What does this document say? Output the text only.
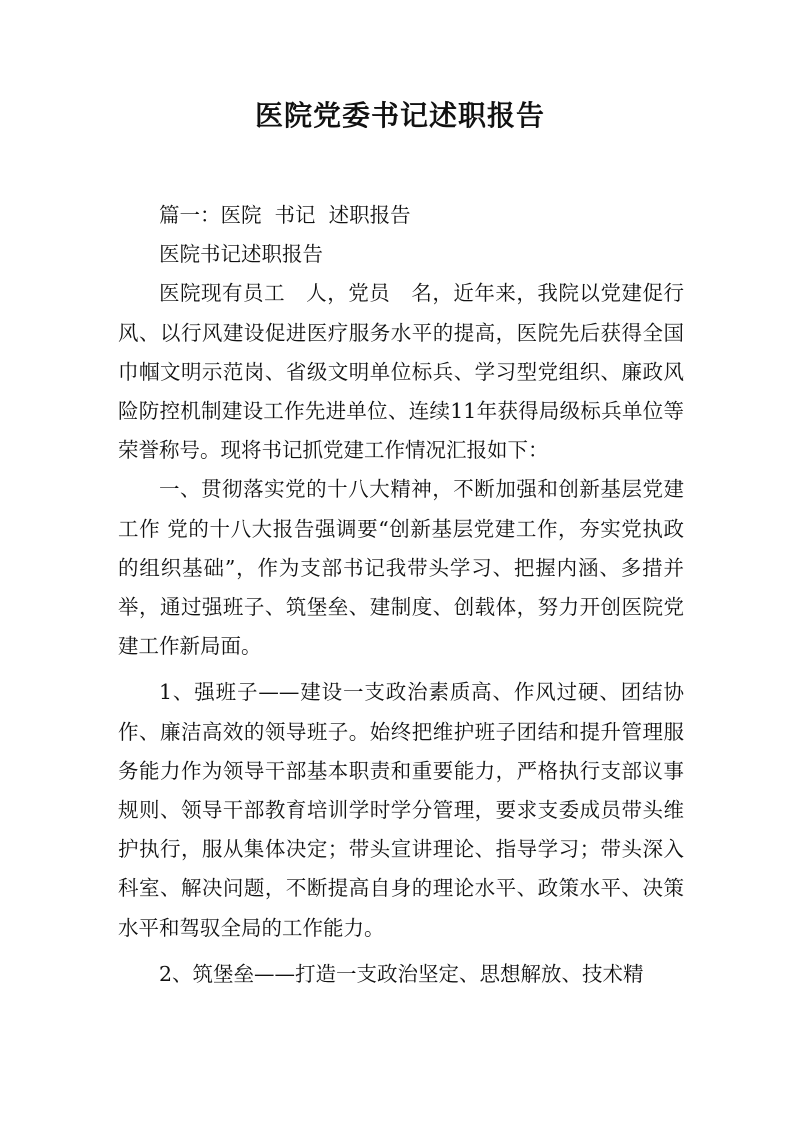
医院党委书记述职报告

篇一：医院  书记  述职报告

医院书记述职报告

医院现有员工   人，党员   名，近年来，我院以党建促行风、以行风建设促进医疗服务水平的提高，医院先后获得全国巾帼文明示范岗、省级文明单位标兵、学习型党组织、廉政风险防控机制建设工作先进单位、连续11年获得局级标兵单位等荣誉称号。现将书记抓党建工作情况汇报如下：

一、贯彻落实党的十八大精神，不断加强和创新基层党建工作 党的十八大报告强调要“创新基层党建工作，夯实党执政的组织基础”，作为支部书记我带头学习、把握内涵、多措并举，通过强班子、筑堡垒、建制度、创载体，努力开创医院党建工作新局面。

1、强班子——建设一支政治素质高、作风过硬、团结协作、廉洁高效的领导班子。始终把维护班子团结和提升管理服务能力作为领导干部基本职责和重要能力，严格执行支部议事规则、领导干部教育培训学时学分管理，要求支委成员带头维护执行，服从集体决定；带头宣讲理论、指导学习；带头深入科室、解决问题，不断提高自身的理论水平、政策水平、决策水平和驾驭全局的工作能力。

2、筑堡垒——打造一支政治坚定、思想解放、技术精
